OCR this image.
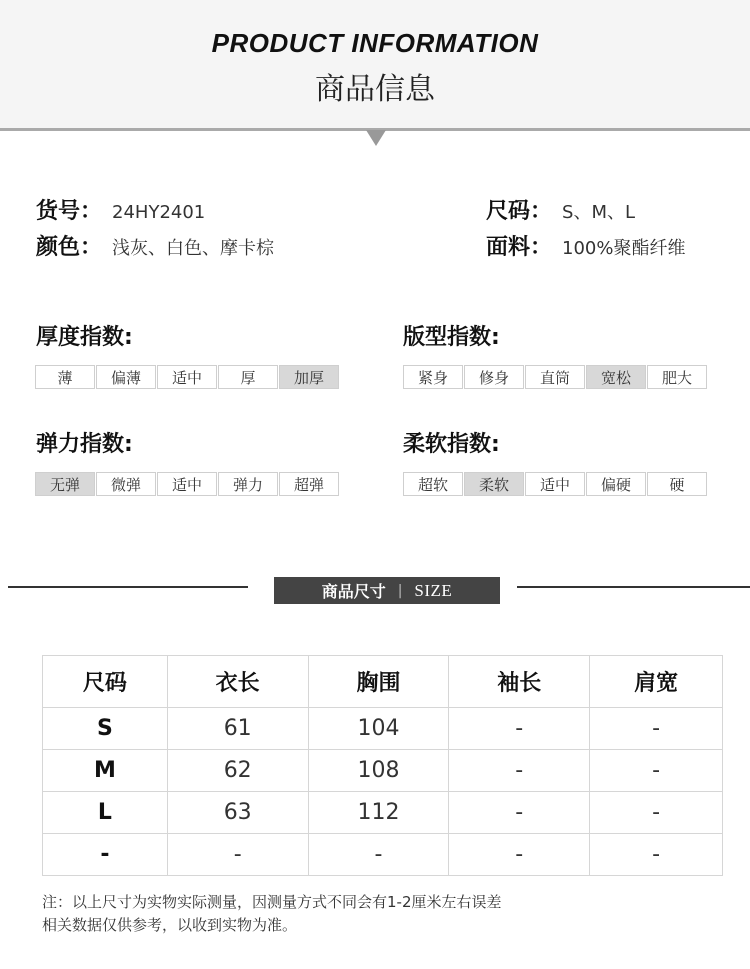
PRODUCT INFORMATION
商品信息
货号： 24HY2401
颜色： 浅灰、白色、摩卡棕
尺码： S、M、L
面料： 100%聚酯纤维
厚度指数:
薄	偏薄	适中	厚	加厚
版型指数:
紧身	修身	直筒	宽松	肥大
弹力指数:
无弹	微弹	适中	弹力	超弹
柔软指数:
超软	柔软	适中	偏硬	硬
商品尺寸 | SIZE
尺码	衣长	胸围	袖长	肩宽
S	61	104	-	-
M	62	108	-	-
L	63	112	-	-
-	-	-	-	-
注：以上尺寸为实物实际测量，因测量方式不同会有1-2厘米左右误差
相关数据仅供参考，以收到实物为准。
